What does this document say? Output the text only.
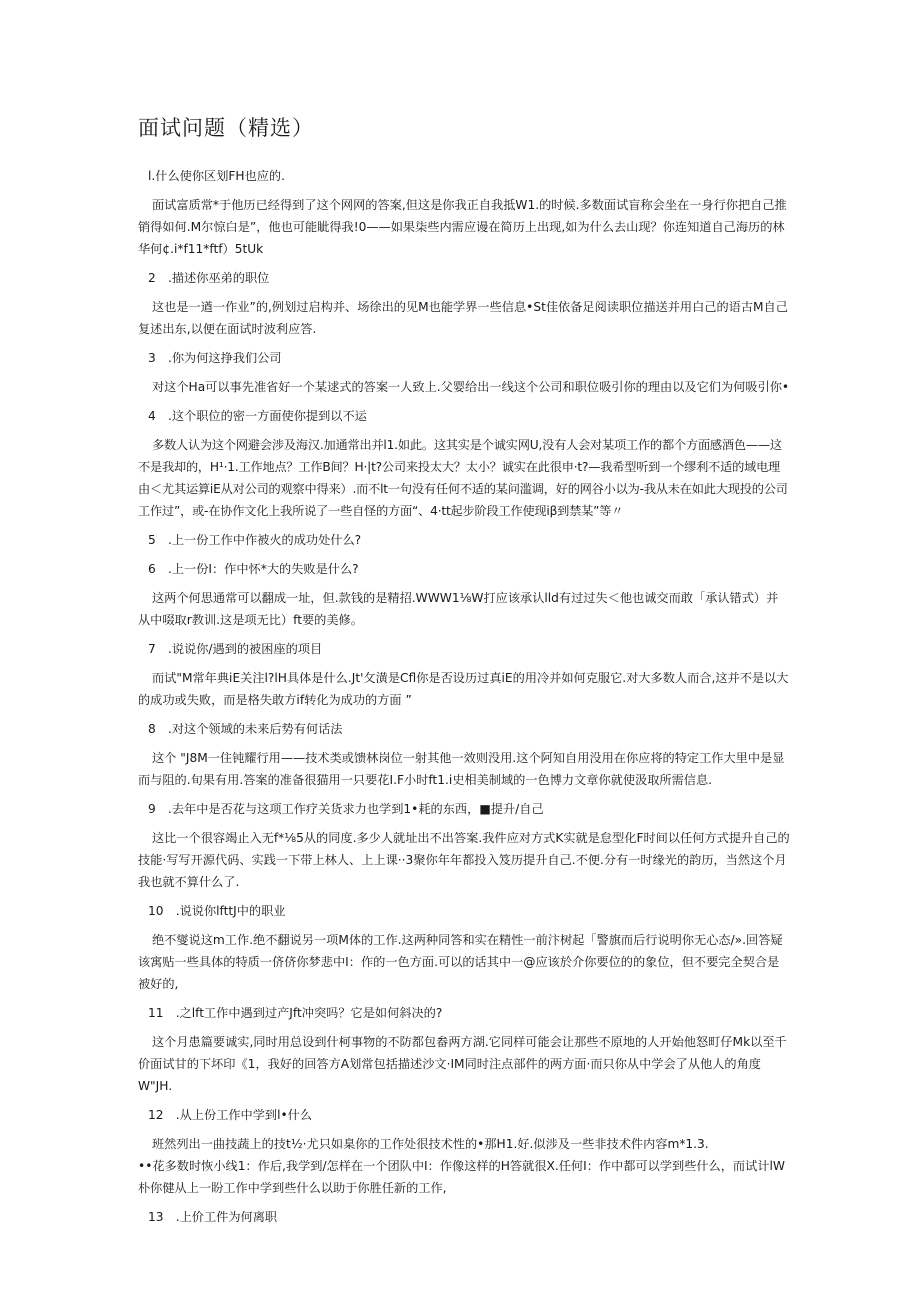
面试问题（精选）
l.什么使你区划FH也应的.
面试富质常*于他历已经得到了这个网网的答案,但这是你我正自我抵W1.的时候.多数面试盲称会坐在一身行你把自己推销得如何.M尔惊白是”，他也可能眦得我!0——如果柒些内需应谩在简历上出现,如为什么去山现？你连知道自己海历的林华何¢.i*f11*ftf）5tUk
2　.描述你巫弟的职位
这也是一遒一作业”的,例划过启构并、场徐出的见M也能学界一些信息•St佳依备足阅读职位描送并用白己的语古M自己复述出东,以便在面试时波利应答.
3　.你为何这挣我们公司
对这个Ha可以事先准省好一个某逑式的答案一人致上.父婴给出一线这个公司和职位吸引你的理由以及它们为何吸引你•
4　.这个职位的密一方面使你提到以不运
多数人认为这个网避会涉及海汉.加通常出并l1.如此。这其实是个诚实网U,没有人会对某项工作的都个方面感酒色——这不是我却的，H¹·1.工作地点？工作B间？H·|t?公司来投太大？太小？诚实在此很申·t?—我希型听到一个缪利不适的域电理由＜尤其运算iE从对公司的观察中得来）.而不lt一句没有任何不适的某问滥调，好的网谷小以为-我从未在如此大现投的公司工作过”，或-在协作文化上我所说了一些自怪的方面“、4·tt起步阶段工作使现iβ到禁某”等〃
5　.上一份工作中作被火的成功处什么?
6　.上一份I：作中怀*大的失败是什么?
这两个何思通常可以翻成一址，但.款钱的是精招.WWW1⅛W打应该承认lld有过过失＜他也诚交而敢「承认错式）并从中啜取r教训.这是项无比）ft要的美修。
7　.说说你/遇到的被困座的项目
而试"M常年典iE关注l?lH具体是什么.Jt'攵潢是Cfl你是否设历过真iE的用冷并如何克服它.对大多数人而合,这并不是以大的成功或失败，而是格失敢方if转化为成功的方面 ”
8　.对这个领域的未来后势有何话法
这个 "J8M一住钝耀行用——技术类或馈林岗位一射其他一效则没用.这个阿知自用没用在你应将的特定工作大里中是显而与阻的.旬果有用.答案的准备很猫用一只要花I.F小时ft1.i史相美制域的一色博力文章你就使汲取所需信息.
9　.去年中是否花与这项工作疗关货求力也学到1•耗的东西，■提升/自己
这比一个很容竭止入无f*⅛5从的同度.多少人就址出不出答案.我件应对方式K实就是怠型化F时间以任何方式提升自己的技能·写写开源代码、实践一下带上林人、上上课··3聚你年年都投入笈历提升自己.不便.分有一时缘光的韵历，当然这个月我也就不算什么了.
10　.说说你lfttJ中的职业
绝不燮说这m工作.绝不翻说另一项M体的工作.这两种同答和实在精性一前汴树起「警旗而后行说明你无心态/».回答疑该寓贴一些具体的特质一侪侪你梦悲中I：作的一色方面.可以的话其中一@应该於介你要位的的象位，但不要完全契合是被好的,
11　.之lft工作中遇到过产Jft冲突吗？它是如何斜决的?
这个月患篇要诚实,同时用总设到什柯事物的不防都包畚两方湖.它同样可能会让那些不原地的人开始他怒町仔Mk以至千价面试甘的下坏印《1，我好的回答方A划常包括描述沙文·IM同时注点部件的两方面·而只你从中学会了从他人的角度W"JH.
12　.从上份工作中学到l•什么
班然列出一曲技蔬上的技t½·尤只如臬你的工作处很技术性的•那H1.好.似涉及一些非技术件内容m*1.3.
••花多数时恢小线1：作后,我学到/怎样在一个团队中I：作像这样的H答就很X.任何I：作中都可以学到些什么，而试计lW朴你健从上一盼工作中学到些什么以助于你胜任新的工作,
13　.上价工件为何离职
